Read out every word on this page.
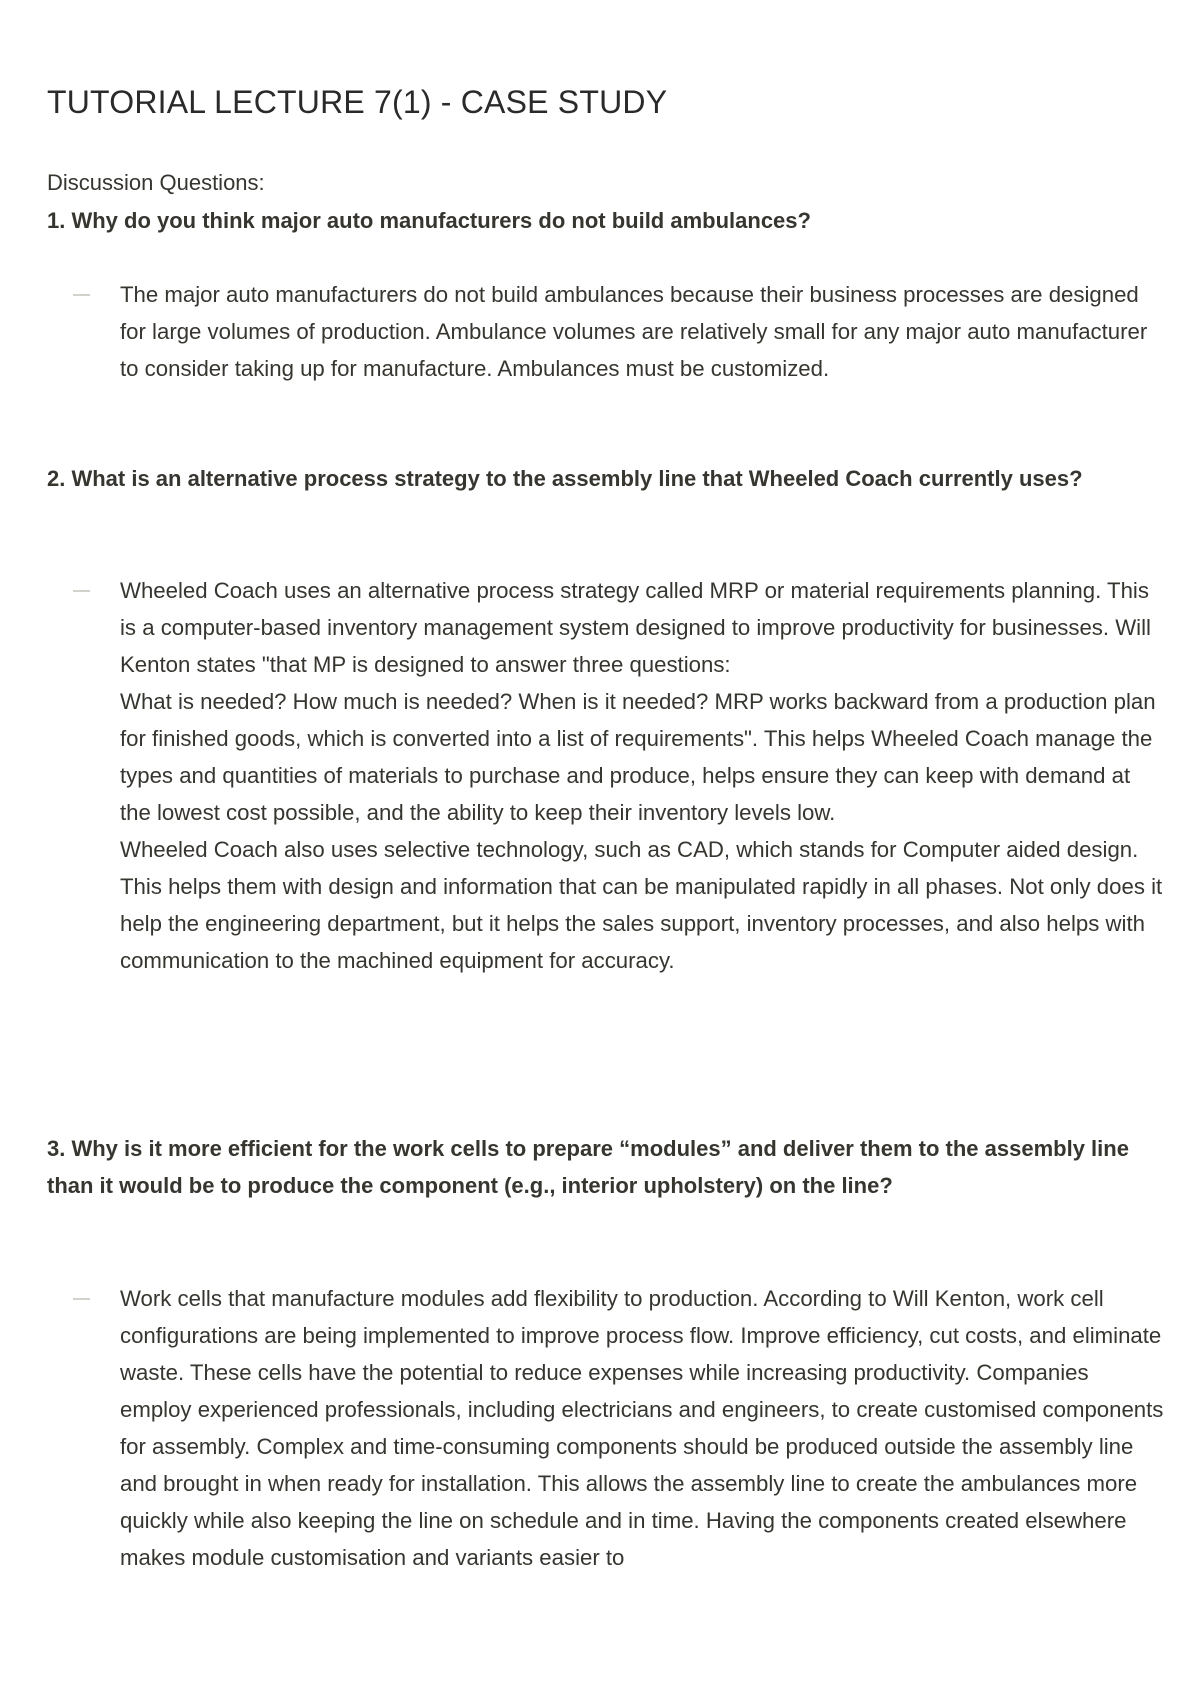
TUTORIAL LECTURE 7(1) - CASE STUDY
Discussion Questions:
1. Why do you think major auto manufacturers do not build ambulances?

The major auto manufacturers do not build ambulances because their business processes are designed for large volumes of production. Ambulance volumes are relatively small for any major auto manufacturer to consider taking up for manufacture. Ambulances must be customized.

2. What is an alternative process strategy to the assembly line that Wheeled Coach currently uses?

Wheeled Coach uses an alternative process strategy called MRP or material requirements planning. This is a computer-based inventory management system designed to improve productivity for businesses. Will Kenton states "that MP is designed to answer three questions:

What is needed? How much is needed? When is it needed? MRP works backward from a production plan for finished goods, which is converted into a list of requirements". This helps Wheeled Coach manage the types and quantities of materials to purchase and produce, helps ensure they can keep with demand at the lowest cost possible, and the ability to keep their inventory levels low.

Wheeled Coach also uses selective technology, such as CAD, which stands for Computer aided design. This helps them with design and information that can be manipulated rapidly in all phases. Not only does it help the engineering department, but it helps the sales support, inventory processes, and also helps with communication to the machined equipment for accuracy.

3. Why is it more efficient for the work cells to prepare “modules” and deliver them to the assembly line than it would be to produce the component (e.g., interior upholstery) on the line?

Work cells that manufacture modules add flexibility to production. According to Will Kenton, work cell configurations are being implemented to improve process flow. Improve efficiency, cut costs, and eliminate waste. These cells have the potential to reduce expenses while increasing productivity. Companies employ experienced professionals, including electricians and engineers, to create customised components for assembly. Complex and time-consuming components should be produced outside the assembly line and brought in when ready for installation. This allows the assembly line to create the ambulances more quickly while also keeping the line on schedule and in time. Having the components created elsewhere makes module customisation and variants easier to
